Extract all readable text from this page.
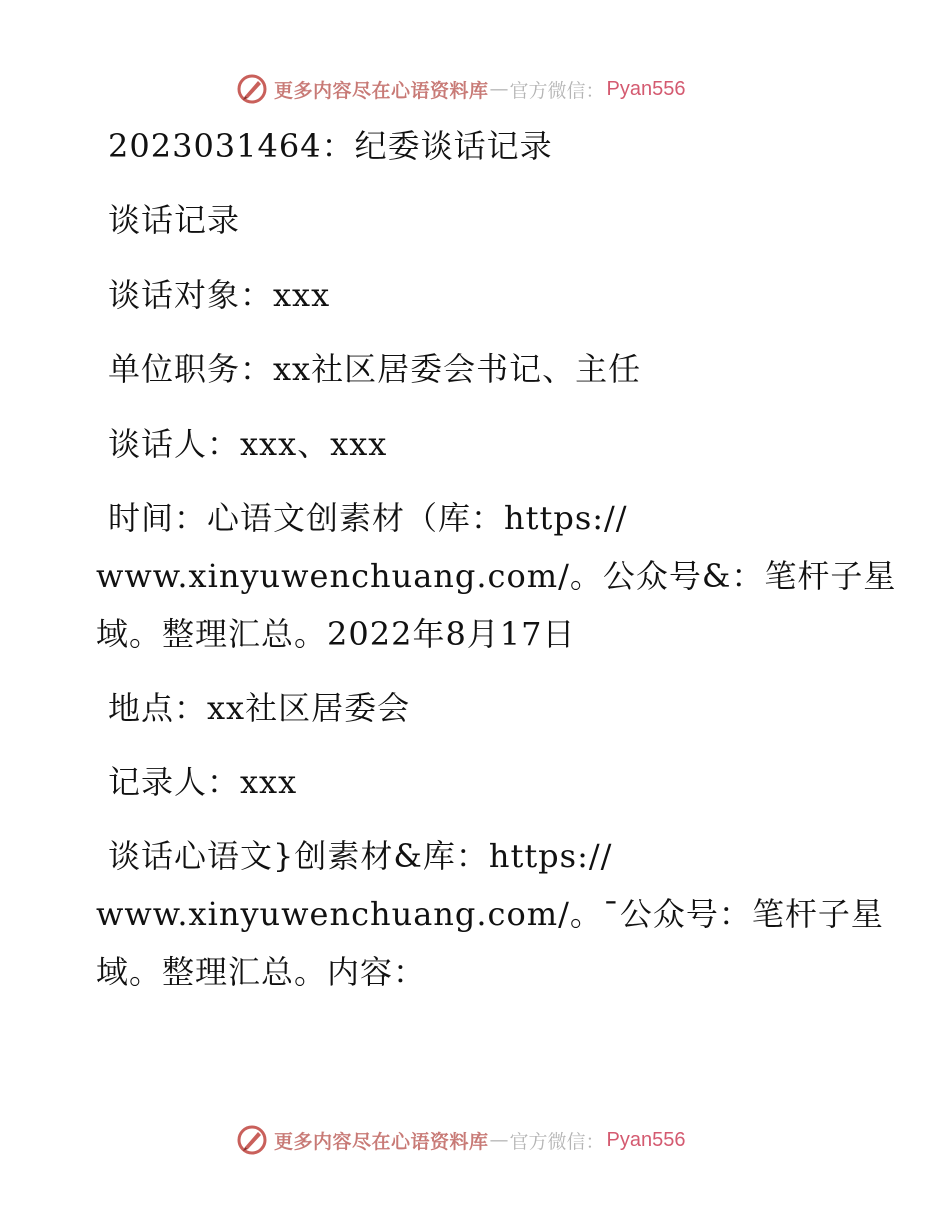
更多内容尽在心语资料库 — 官方微信： Pyan556

2023031464：纪委谈话记录

谈话记录

谈话对象：xxx

单位职务：xx社区居委会书记、主任

谈话人：xxx、xxx

时间：心语文创素材（库：https://

www.xinyuwenchuang.com/。公众号&：笔杆子星

域。整理汇总。2022年8月17日

地点：xx社区居委会

记录人：xxx

谈话心语文}创素材&库：https://

www.xinyuwenchuang.com/。¯公众号：笔杆子星

域。整理汇总。内容：

更多内容尽在心语资料库 — 官方微信： Pyan556
